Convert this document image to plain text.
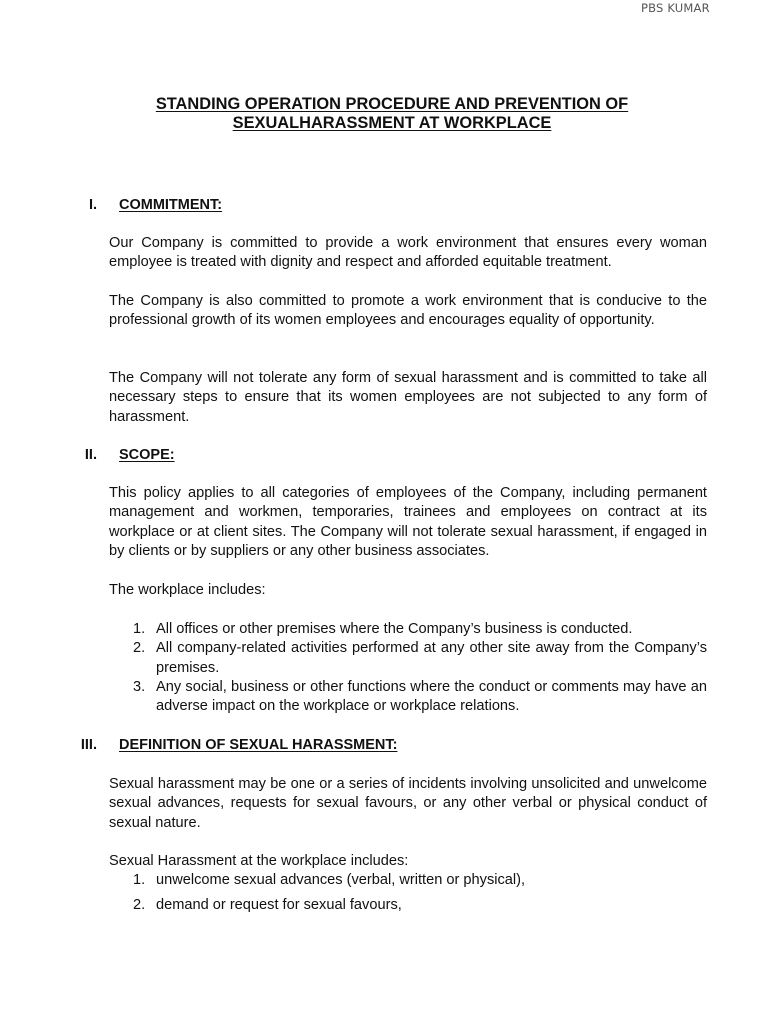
PBS KUMAR
STANDING OPERATION PROCEDURE AND PREVENTION OF
SEXUALHARASSMENT AT WORKPLACE
I. COMMITMENT:
Our Company is committed to provide a work environment that ensures every woman employee is treated with dignity and respect and afforded equitable treatment.
The Company is also committed to promote a work environment that is conducive to the professional growth of its women employees and encourages equality of opportunity.
The Company will not tolerate any form of sexual harassment and is committed to take all necessary steps to ensure that its women employees are not subjected to any form of harassment.
II. SCOPE:
This policy applies to all categories of employees of the Company, including permanent management and workmen, temporaries, trainees and employees on contract at its workplace or at client sites. The Company will not tolerate sexual harassment, if engaged in by clients or by suppliers or any other business associates.
The workplace includes:
1. All offices or other premises where the Company’s business is conducted.
2. All company-related activities performed at any other site away from the Company’s premises.
3. Any social, business or other functions where the conduct or comments may have an adverse impact on the workplace or workplace relations.
III. DEFINITION OF SEXUAL HARASSMENT:
Sexual harassment may be one or a series of incidents involving unsolicited and unwelcome sexual advances, requests for sexual favours, or any other verbal or physical conduct of sexual nature.
Sexual Harassment at the workplace includes:
1. unwelcome sexual advances (verbal, written or physical),
2. demand or request for sexual favours,
